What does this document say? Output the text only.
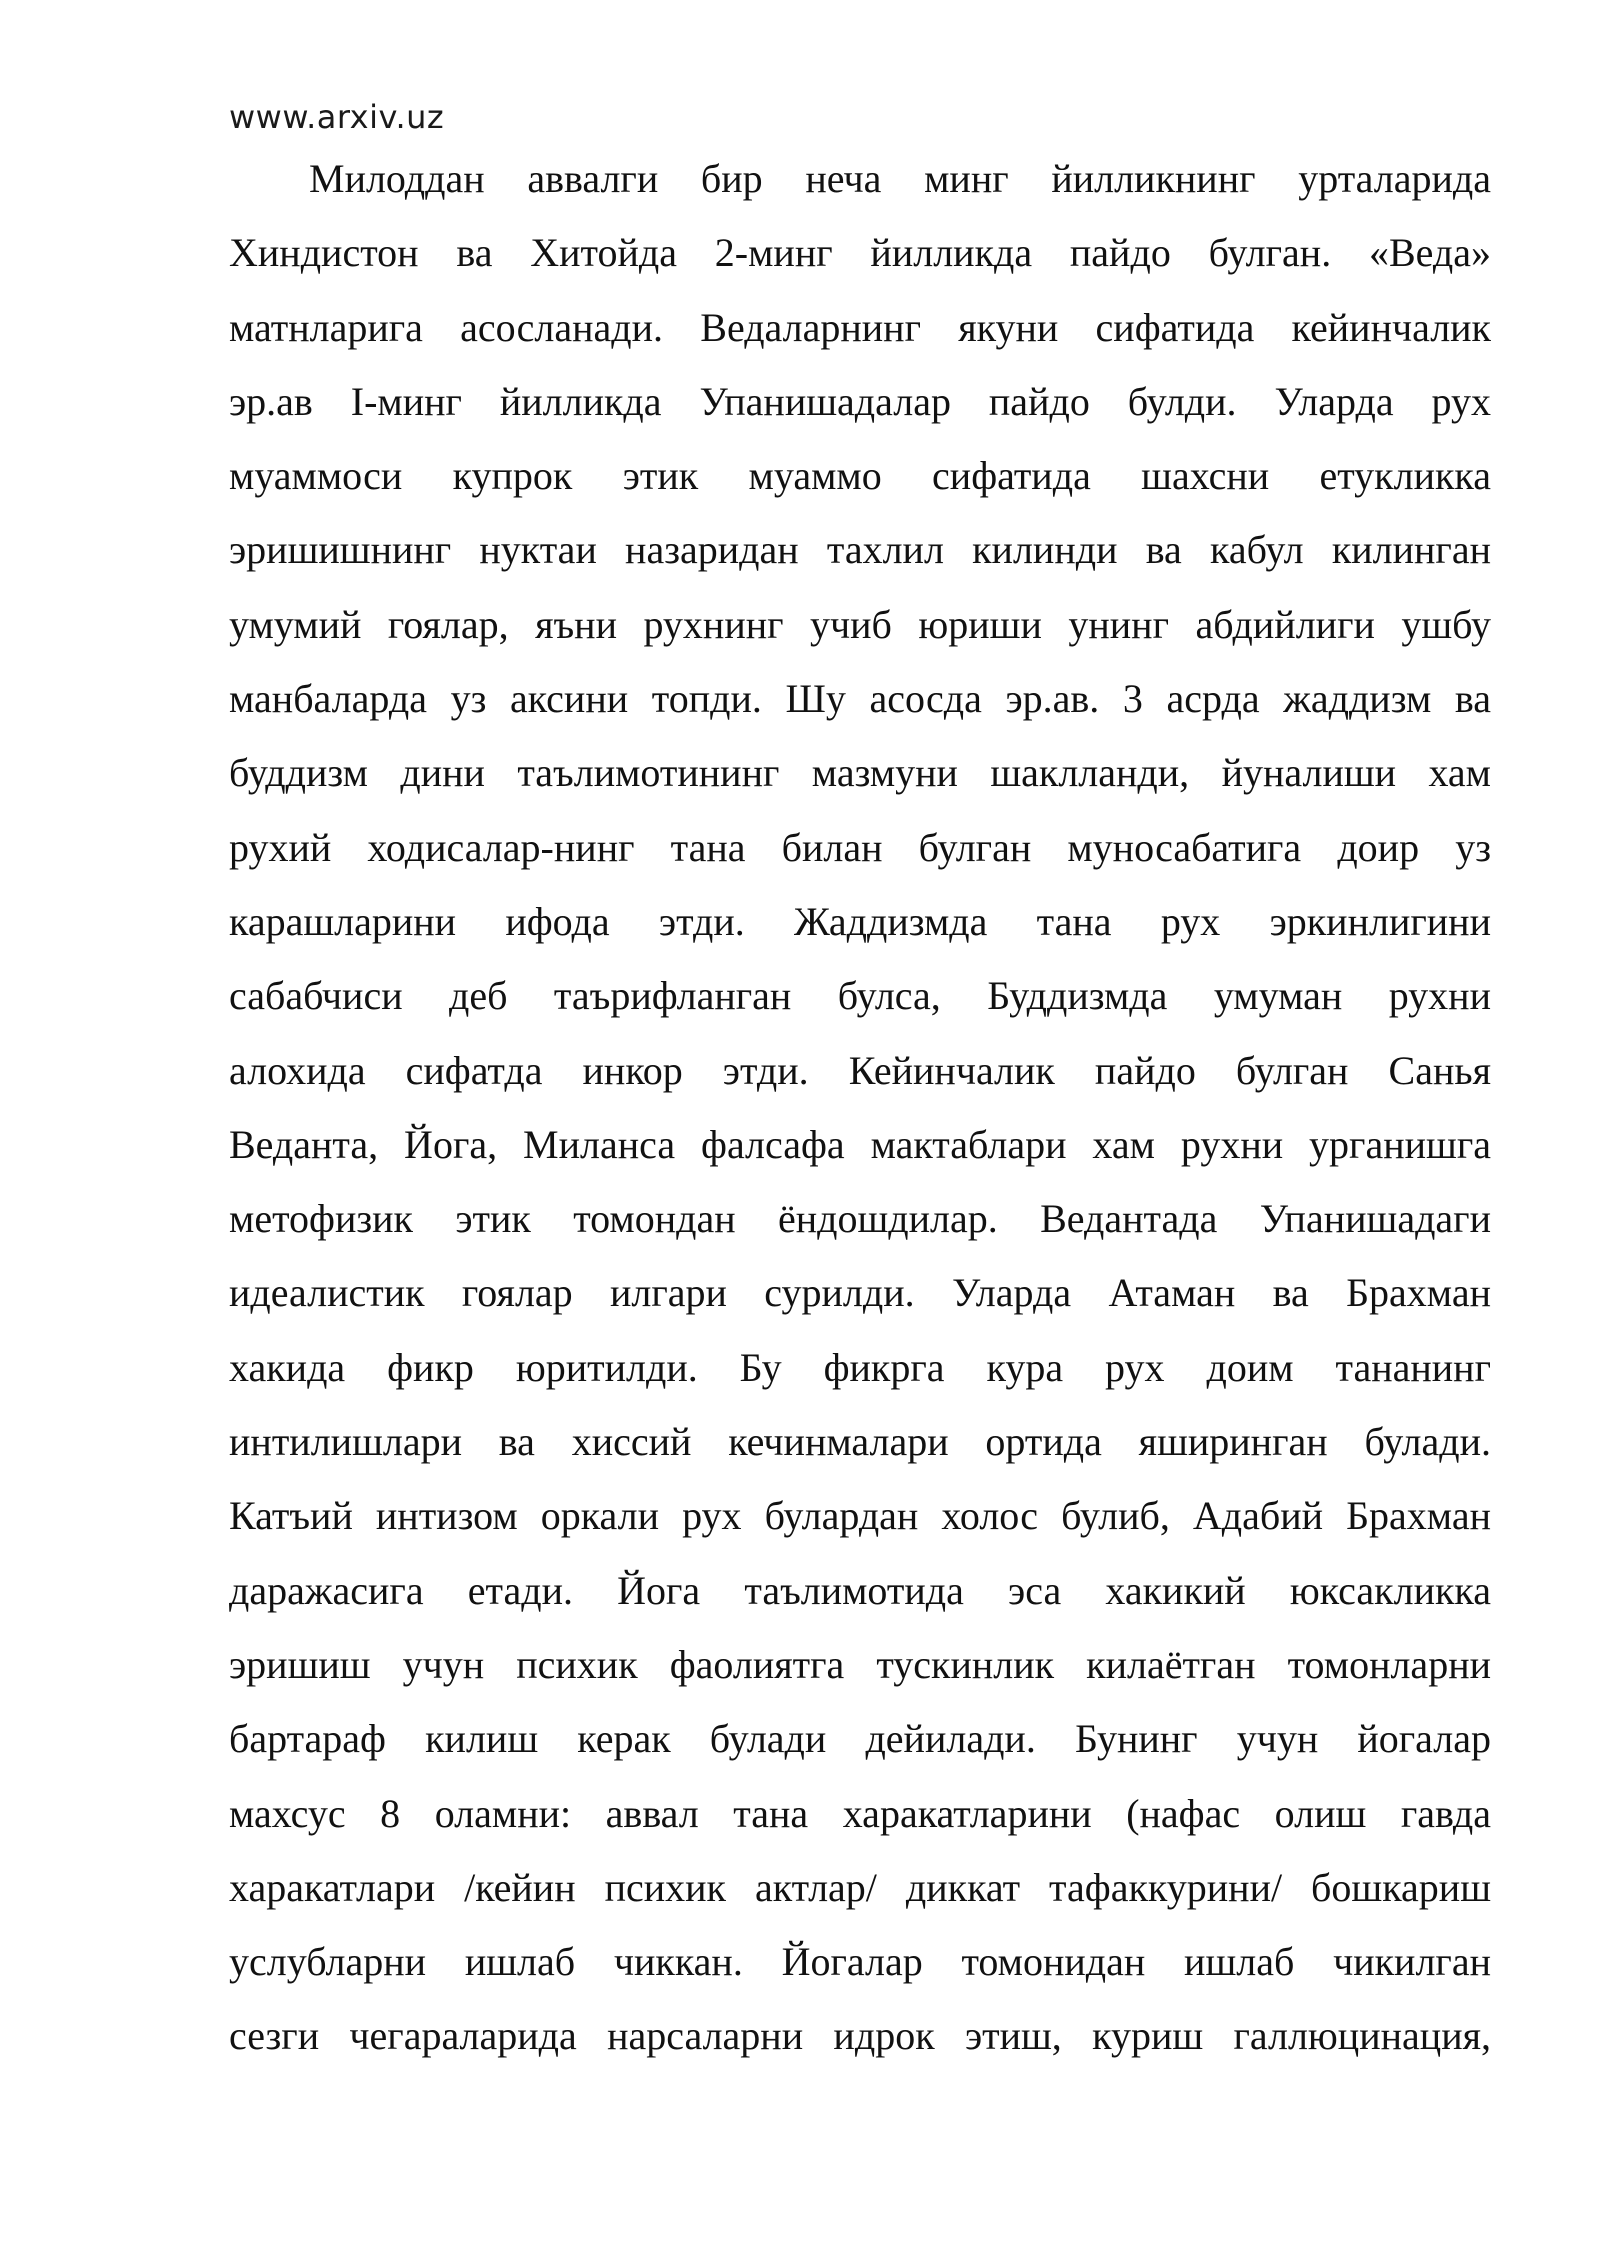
www.arxiv.uz
Милоддан аввалги бир неча минг йилликнинг урталарида
Хиндистон ва Хитойда 2-минг йилликда пайдо булган. «Веда»
матнларига асосланади. Ведаларнинг якуни сифатида кейинчалик
эр.ав I-минг йилликда Упанишадалар пайдо булди. Уларда рух
муаммоси купрок этик муаммо сифатида шахсни етукликка
эришишнинг нуктаи назаридан тахлил килинди ва кабул килинган
умумий гоялар, яъни рухнинг учиб юриши унинг абдийлиги ушбу
манбаларда уз аксини топди. Шу асосда эр.ав. 3 асрда жаддизм ва
буддизм дини таълимотининг мазмуни шаклланди, йуналиши хам
рухий ходисалар-нинг тана билан булган муносабатига доир уз
карашларини ифода этди. Жаддизмда тана рух эркинлигини
сабабчиси деб таърифланган булса, Буддизмда умуман рухни
алохида сифатда инкор этди. Кейинчалик пайдо булган Санья
Веданта, Йога, Миланса фалсафа мактаблари хам рухни урганишга
метофизик этик томондан ёндошдилар. Ведантада Упанишадаги
идеалистик гоялар илгари сурилди. Уларда Атаман ва Брахман
хакида фикр юритилди. Бу фикрга кура рух доим тананинг
интилишлари ва хиссий кечинмалари ортида яширинган булади.
Катъий интизом оркали рух булардан холос булиб, Адабий Брахман
даражасига етади. Йога таълимотида эса хакикий юксакликка
эришиш учун психик фаолиятга тускинлик килаётган томонларни
бартараф килиш керак булади дейилади. Бунинг учун йогалар
махсус 8 оламни: аввал тана харакатларини (нафас олиш гавда
харакатлари /кейин психик актлар/ диккат тафаккурини/ бошкариш
услубларни ишлаб чиккан. Йогалар томонидан ишлаб чикилган
сезги чегараларида нарсаларни идрок этиш, куриш галлюцинация,
